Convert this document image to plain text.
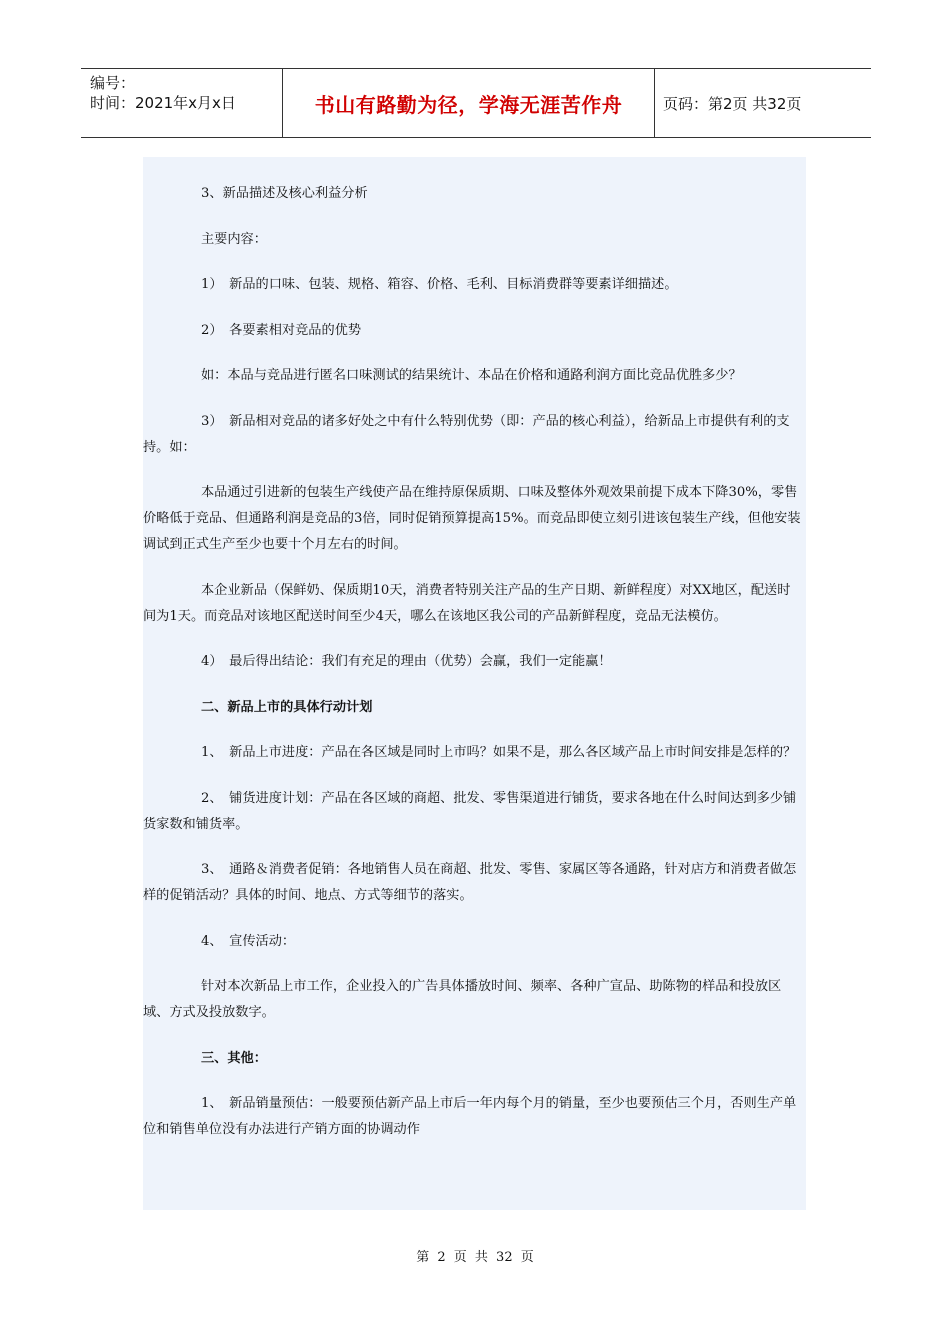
编号：
时间：2021年x月x日	书山有路勤为径，学海无涯苦作舟	页码：第2页 共32页

3、新品描述及核心利益分析

主要内容：

1）　新品的口味、包装、规格、箱容、价格、毛利、目标消费群等要素详细描述。

2）　各要素相对竞品的优势

如：本品与竞品进行匿名口味测试的结果统计、本品在价格和通路利润方面比竞品优胜多少？

3）　新品相对竞品的诸多好处之中有什么特别优势（即：产品的核心利益），给新品上市提供有利的支持。如：

本品通过引进新的包装生产线使产品在维持原保质期、口味及整体外观效果前提下成本下降30%，零售价略低于竞品、但通路利润是竞品的3倍，同时促销预算提高15%。而竞品即使立刻引进该包装生产线，但他安装调试到正式生产至少也要十个月左右的时间。

本企业新品（保鲜奶、保质期10天，消费者特别关注产品的生产日期、新鲜程度）对XX地区，配送时间为1天。而竞品对该地区配送时间至少4天，哪么在该地区我公司的产品新鲜程度，竞品无法模仿。

4）　最后得出结论：我们有充足的理由（优势）会赢，我们一定能赢！

二、新品上市的具体行动计划

1、　新品上市进度：产品在各区域是同时上市吗？如果不是，那么各区域产品上市时间安排是怎样的？

2、　铺货进度计划：产品在各区域的商超、批发、零售渠道进行铺货，要求各地在什么时间达到多少铺货家数和铺货率。

3、　通路＆消费者促销：各地销售人员在商超、批发、零售、家属区等各通路，针对店方和消费者做怎样的促销活动？具体的时间、地点、方式等细节的落实。

4、　宣传活动：

针对本次新品上市工作，企业投入的广告具体播放时间、频率、各种广宣品、助陈物的样品和投放区域、方式及投放数字。

三、其他：

1、　新品销量预估：一般要预估新产品上市后一年内每个月的销量，至少也要预估三个月，否则生产单位和销售单位没有办法进行产销方面的协调动作

第 2 页 共 32 页
